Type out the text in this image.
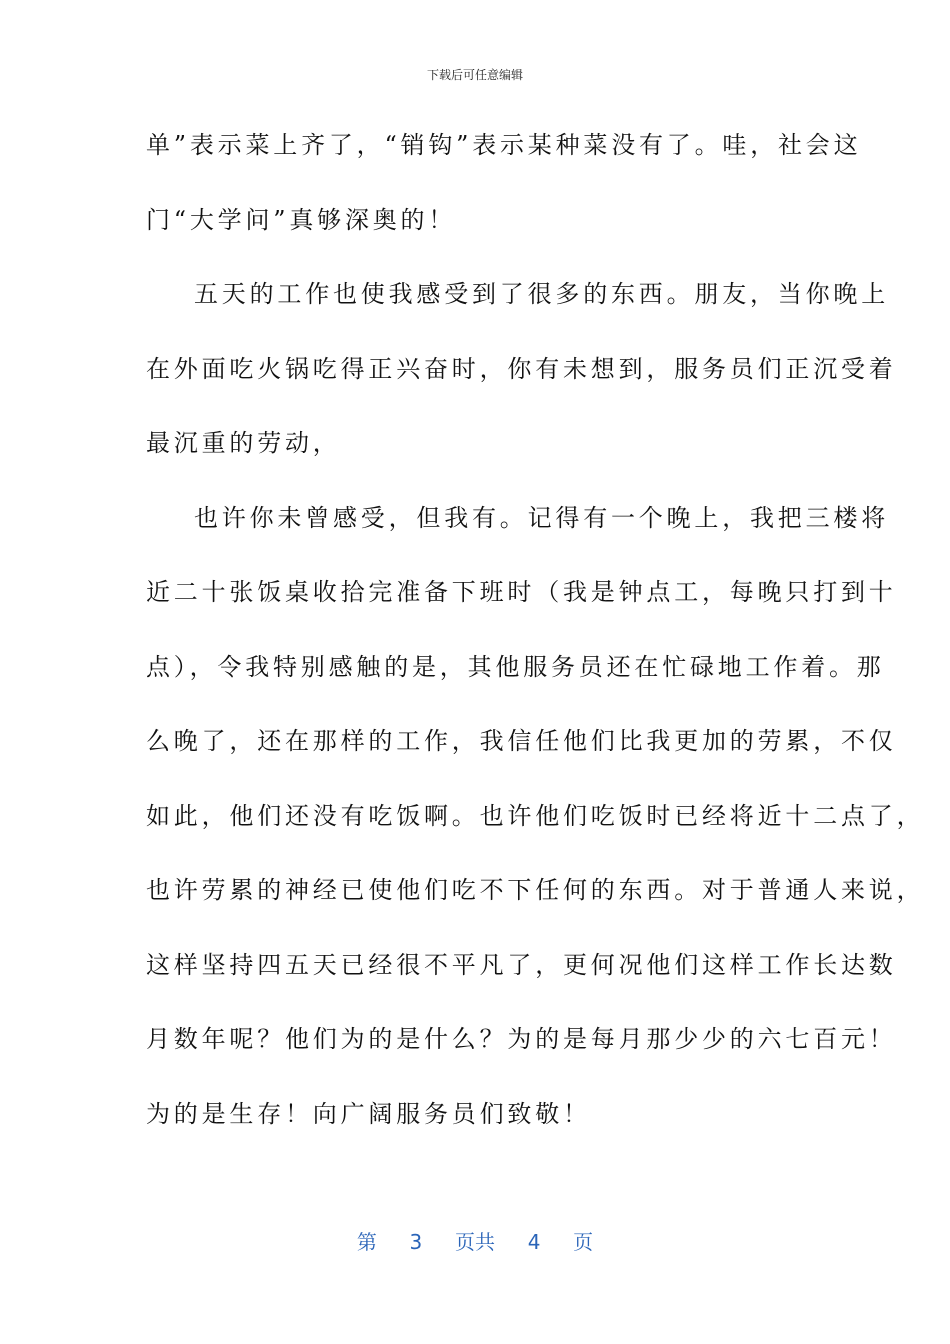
下载后可任意编辑
单”表示菜上齐了，“销钩”表示某种菜没有了。哇，社会这
门“大学问”真够深奥的！
五天的工作也使我感受到了很多的东西。朋友，当你晚上
在外面吃火锅吃得正兴奋时，你有未想到，服务员们正沉受着
最沉重的劳动，
也许你未曾感受，但我有。记得有一个晚上，我把三楼将
近二十张饭桌收拾完准备下班时（我是钟点工，每晚只打到十
点），令我特别感触的是，其他服务员还在忙碌地工作着。那
么晚了，还在那样的工作，我信任他们比我更加的劳累，不仅
如此，他们还没有吃饭啊。也许他们吃饭时已经将近十二点了，
也许劳累的神经已使他们吃不下任何的东西。对于普通人来说，
这样坚持四五天已经很不平凡了，更何况他们这样工作长达数
月数年呢？他们为的是什么？为的是每月那少少的六七百元！
为的是生存！向广阔服务员们致敬！
第 3 页共 4 页
